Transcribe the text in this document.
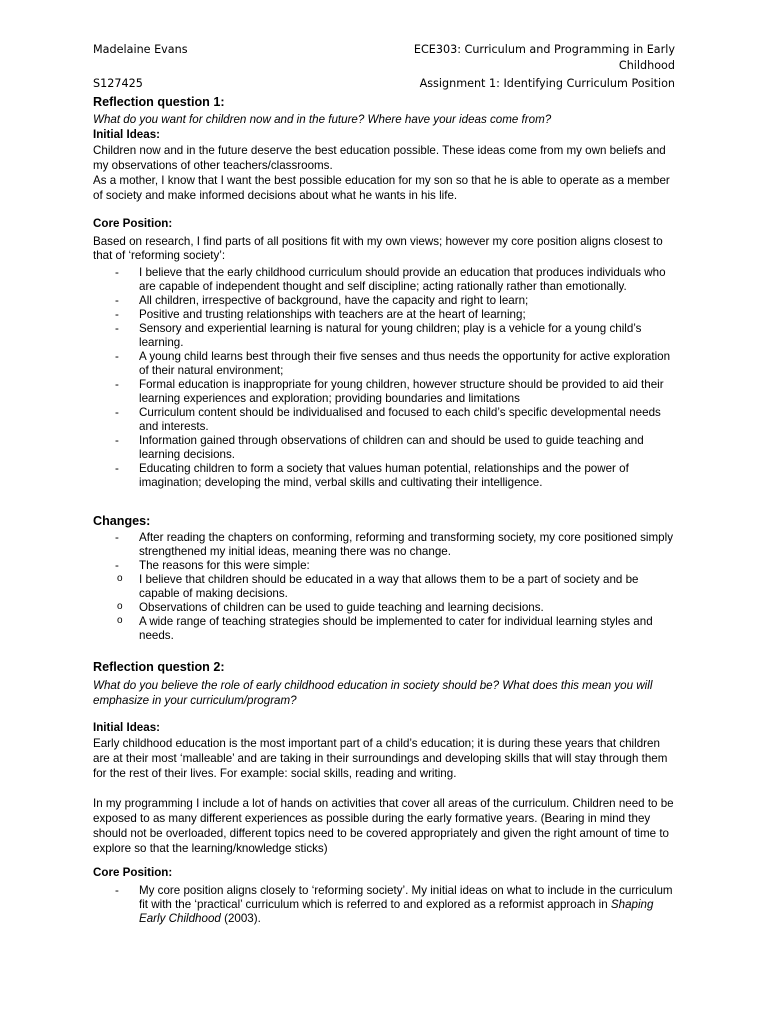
Madelaine Evans
S127425
ECE303: Curriculum and Programming in Early
Childhood
Assignment 1: Identifying Curriculum Position
Reflection question 1:
What do you want for children now and in the future? Where have your ideas come from?
Initial Ideas:

Children now and in the future deserve the best education possible. These ideas come from my own beliefs and my observations of other teachers/classrooms.

As a mother, I know that I want the best possible education for my son so that he is able to operate as a member of society and make informed decisions about what he wants in his life.

Core Position:

Based on research, I find parts of all positions fit with my own views; however my core position aligns closest to that of ‘reforming society’:

- I believe that the early childhood curriculum should provide an education that produces individuals who are capable of independent thought and self discipline; acting rationally rather than emotionally.
- All children, irrespective of background, have the capacity and right to learn;
- Positive and trusting relationships with teachers are at the heart of learning;
- Sensory and experiential learning is natural for young children; play is a vehicle for a young child’s learning.
- A young child learns best through their five senses and thus needs the opportunity for active exploration of their natural environment;
- Formal education is inappropriate for young children, however structure should be provided to aid their learning experiences and exploration; providing boundaries and limitations
- Curriculum content should be individualised and focused to each child’s specific developmental needs and interests.
- Information gained through observations of children can and should be used to guide teaching and learning decisions.
- Educating children to form a society that values human potential, relationships and the power of imagination; developing the mind, verbal skills and cultivating their intelligence.
Changes:
- After reading the chapters on conforming, reforming and transforming society, my core positioned simply strengthened my initial ideas, meaning there was no change.
- The reasons for this were simple:
o I believe that children should be educated in a way that allows them to be a part of society and be capable of making decisions.
o Observations of children can be used to guide teaching and learning decisions.
o A wide range of teaching strategies should be implemented to cater for individual learning styles and needs.
Reflection question 2:
What do you believe the role of early childhood education in society should be? What does this mean you will emphasize in your curriculum/program?
Initial Ideas:

Early childhood education is the most important part of a child’s education; it is during these years that children are at their most ‘malleable’ and are taking in their surroundings and developing skills that will stay through them for the rest of their lives. For example: social skills, reading and writing.

In my programming I include a lot of hands on activities that cover all areas of the curriculum. Children need to be exposed to as many different experiences as possible during the early formative years. (Bearing in mind they should not be overloaded, different topics need to be covered appropriately and given the right amount of time to explore so that the learning/knowledge sticks)

Core Position:
- My core position aligns closely to ‘reforming society’. My initial ideas on what to include in the curriculum fit with the ‘practical’ curriculum which is referred to and explored as a reformist approach in Shaping Early Childhood (2003).
